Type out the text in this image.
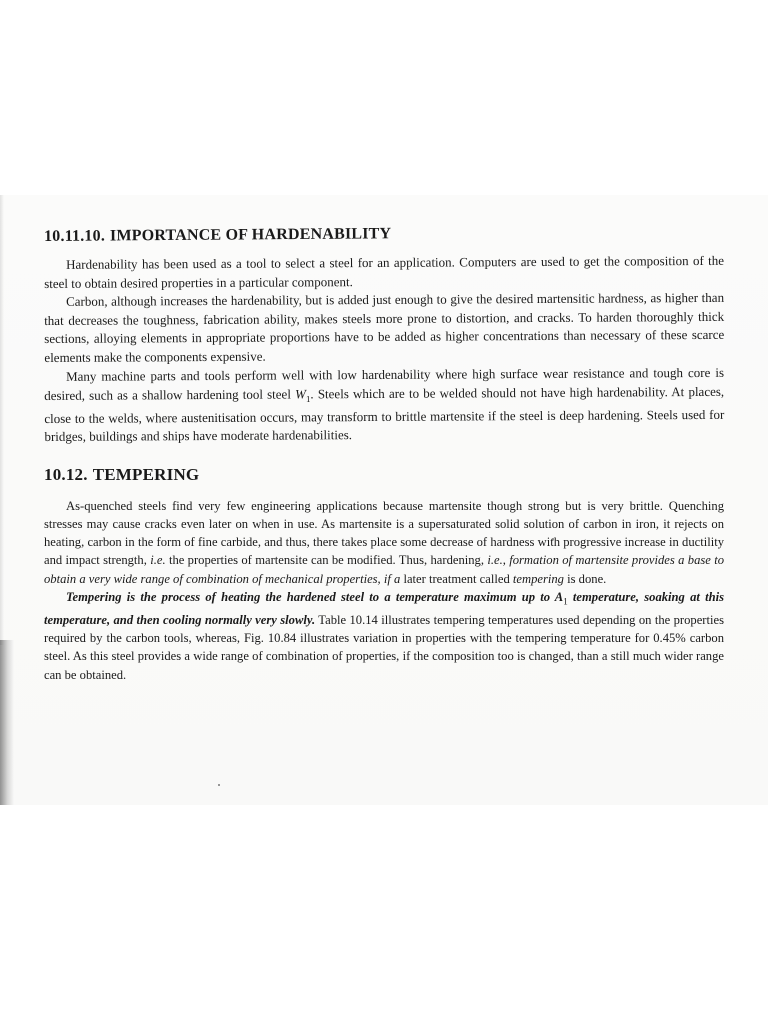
10.11.10. IMPORTANCE OF HARDENABILITY

Hardenability has been used as a tool to select a steel for an application. Computers are used to get the composition of the steel to obtain desired properties in a particular component.

Carbon, although increases the hardenability, but is added just enough to give the desired martensitic hardness, as higher than that decreases the toughness, fabrication ability, makes steels more prone to distortion, and cracks. To harden thoroughly thick sections, alloying elements in appropriate proportions have to be added as higher concentrations than necessary of these scarce elements make the components expensive.

Many machine parts and tools perform well with low hardenability where high surface wear resistance and tough core is desired, such as a shallow hardening tool steel $W_1$. Steels which are to be welded should not have high hardenability. At places, close to the welds, where austenitisation occurs, may transform to brittle martensite if the steel is deep hardening. Steels used for bridges, buildings and ships have moderate hardenabilities.

10.12. TEMPERING

As-quenched steels find very few engineering applications because martensite though strong but is very brittle. Quenching stresses may cause cracks even later on when in use. As martensite is a supersaturated solid solution of carbon in iron, it rejects on heating, carbon in the form of fine carbide, and thus, there takes place some decrease of hardness with progressive increase in ductility and impact strength, i.e. the properties of martensite can be modified. Thus, hardening, i.e., formation of martensite provides a base to obtain a very wide range of combination of mechanical properties, if a later treatment called tempering is done.

Tempering is the process of heating the hardened steel to a temperature maximum up to $A_1$ temperature, soaking at this temperature, and then cooling normally very slowly. Table 10.14 illustrates tempering temperatures used depending on the properties required by the carbon tools, whereas, Fig. 10.84 illustrates variation in properties with the tempering temperature for 0.45% carbon steel. As this steel provides a wide range of combination of properties, if the composition too is changed, than a still much wider range can be obtained.
